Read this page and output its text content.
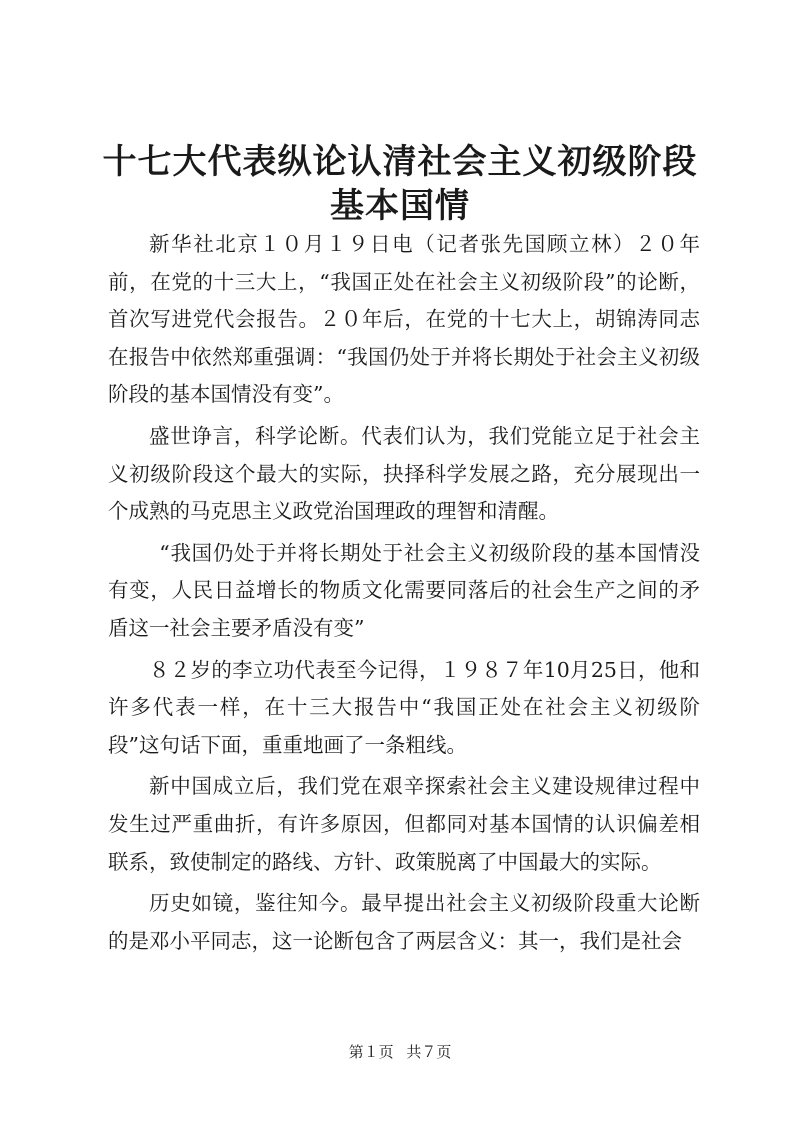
十七大代表纵论认清社会主义初级阶段基本国情

新华社北京１０月１９日电（记者张先国顾立林）２０年前，在党的十三大上，“我国正处在社会主义初级阶段”的论断，首次写进党代会报告。２０年后，在党的十七大上，胡锦涛同志在报告中依然郑重强调：“我国仍处于并将长期处于社会主义初级阶段的基本国情没有变”。

盛世诤言，科学论断。代表们认为，我们党能立足于社会主义初级阶段这个最大的实际，抉择科学发展之路，充分展现出一个成熟的马克思主义政党治国理政的理智和清醒。

“我国仍处于并将长期处于社会主义初级阶段的基本国情没有变，人民日益增长的物质文化需要同落后的社会生产之间的矛盾这一社会主要矛盾没有变”

８２岁的李立功代表至今记得，１９８７年10月25日，他和许多代表一样，在十三大报告中“我国正处在社会主义初级阶段”这句话下面，重重地画了一条粗线。

新中国成立后，我们党在艰辛探索社会主义建设规律过程中发生过严重曲折，有许多原因，但都同对基本国情的认识偏差相联系，致使制定的路线、方针、政策脱离了中国最大的实际。

历史如镜，鉴往知今。最早提出社会主义初级阶段重大论断的是邓小平同志，这一论断包含了两层含义：其一，我们是社会

第１页 共７页
